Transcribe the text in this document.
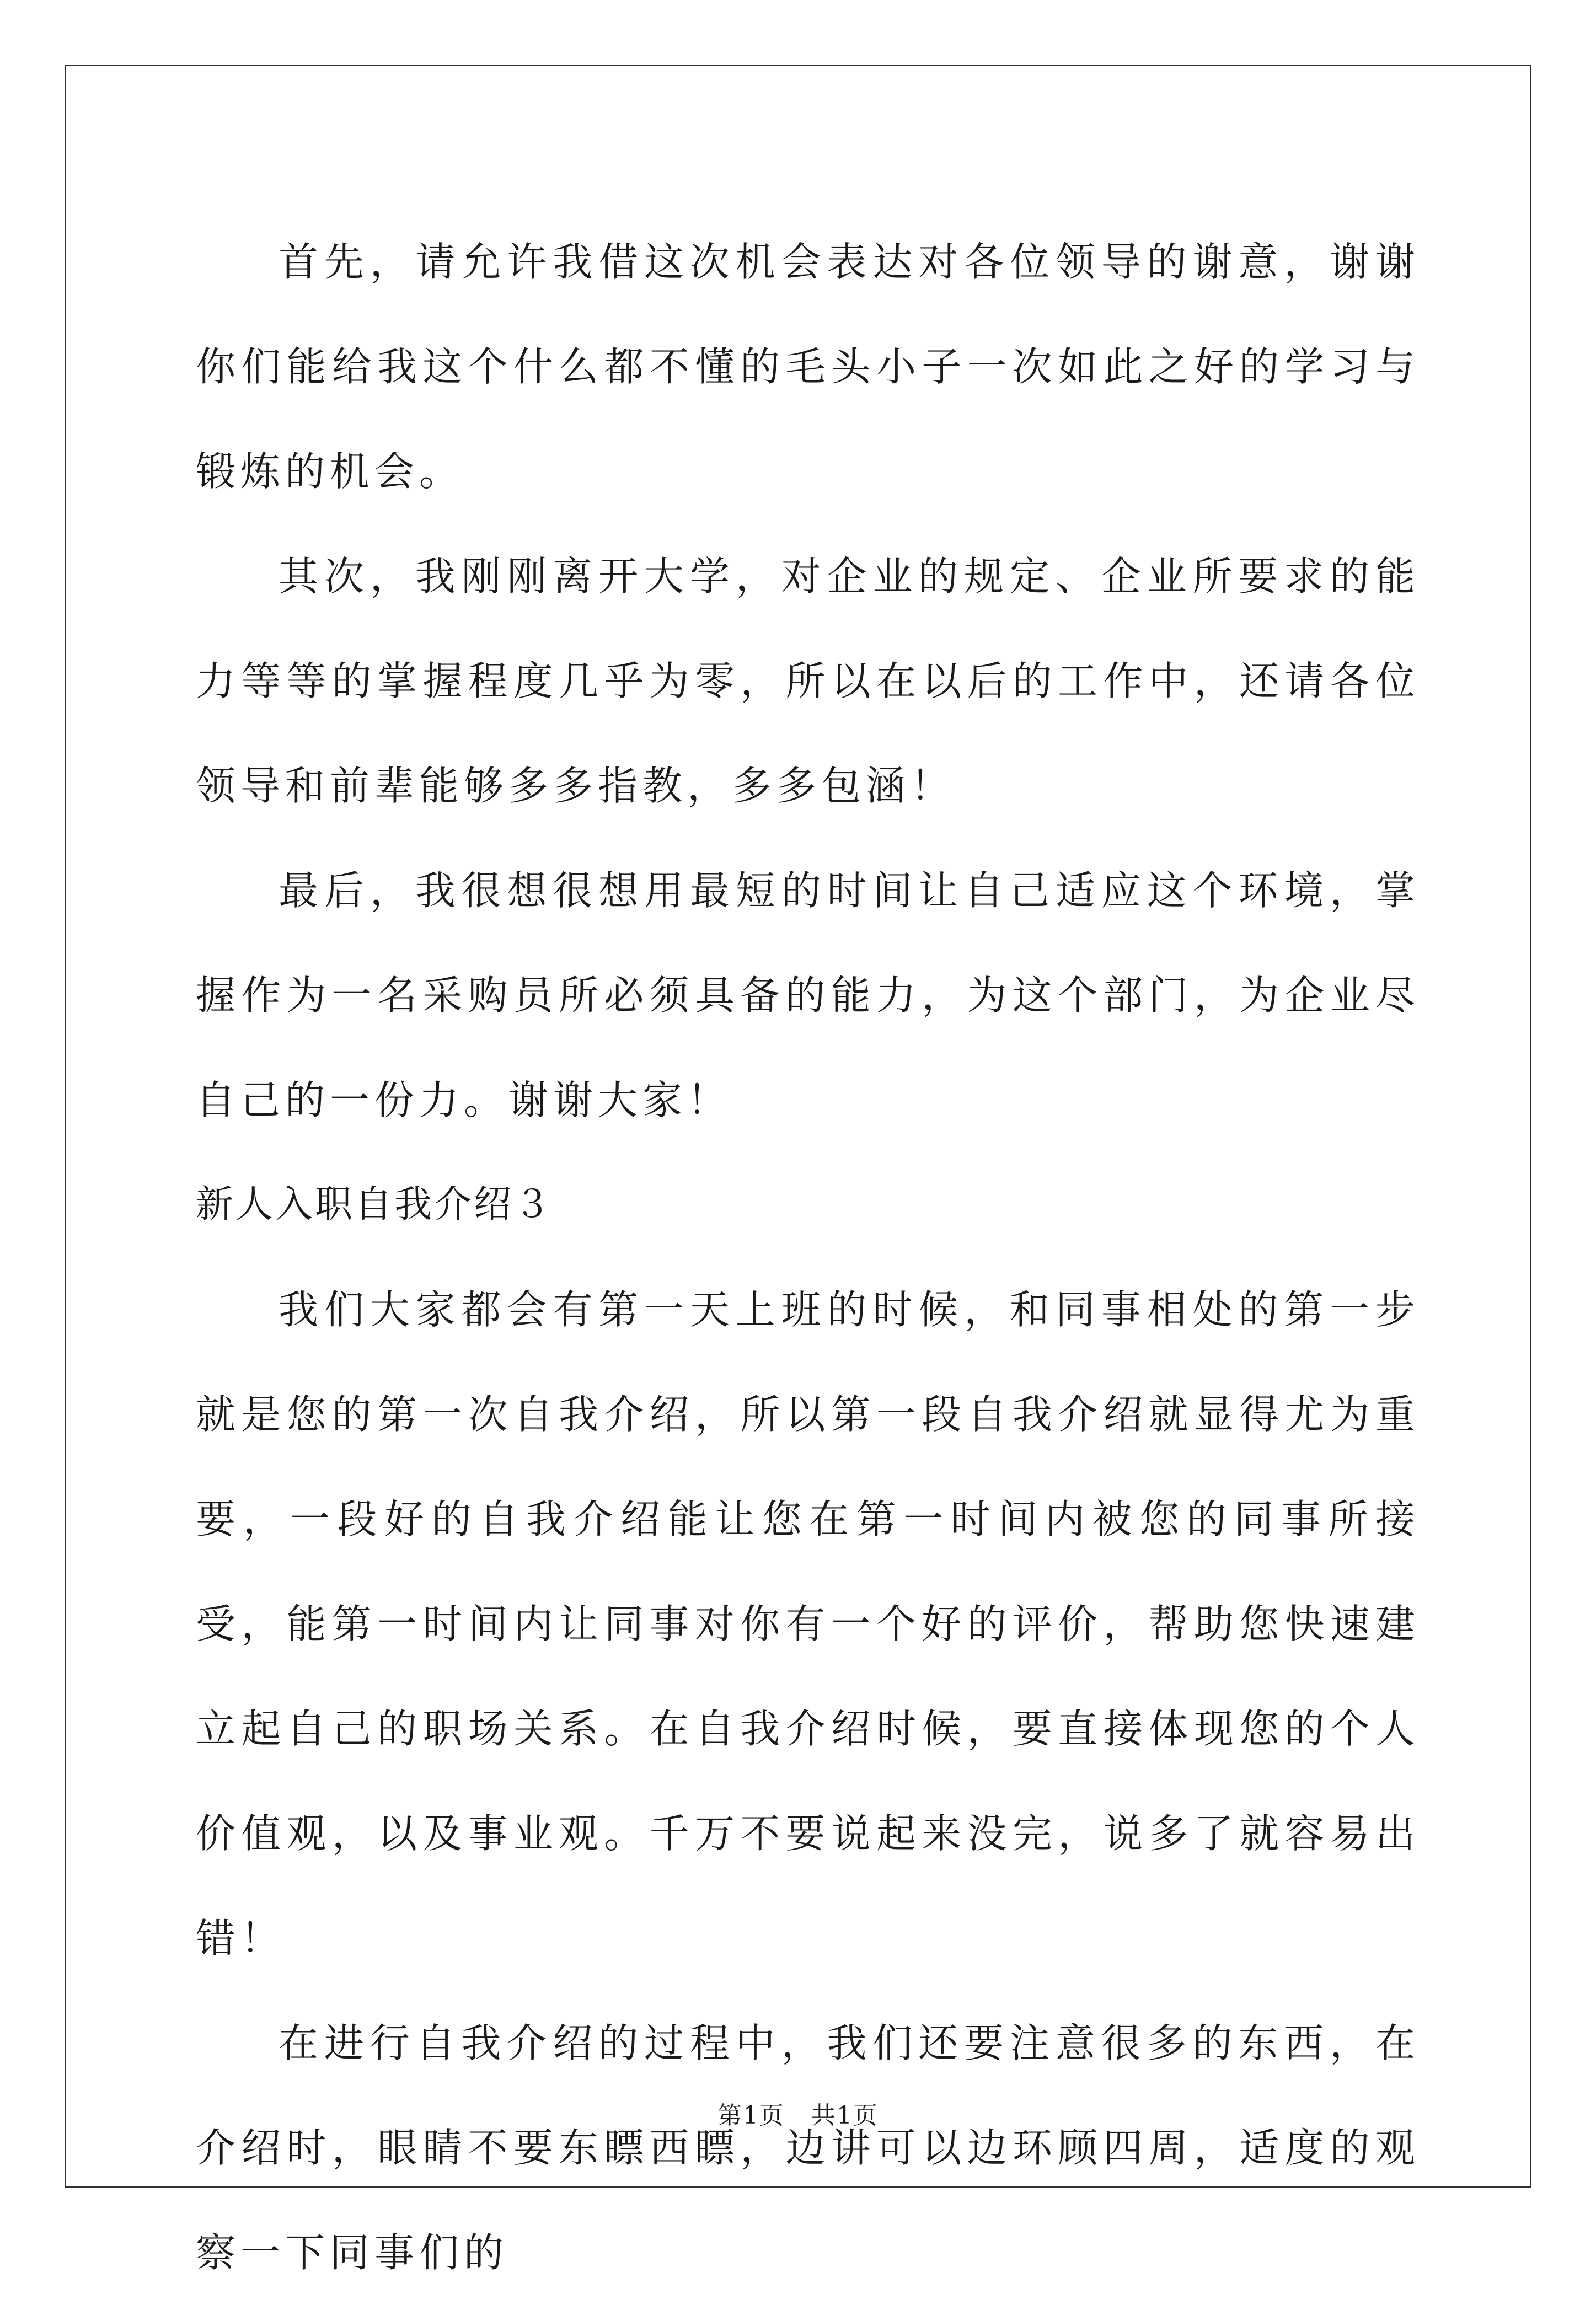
首先，请允许我借这次机会表达对各位领导的谢意，谢谢你们能给我这个什么都不懂的毛头小子一次如此之好的学习与锻炼的机会。

其次，我刚刚离开大学，对企业的规定、企业所要求的能力等等的掌握程度几乎为零，所以在以后的工作中，还请各位领导和前辈能够多多指教，多多包涵！

最后，我很想很想用最短的时间让自己适应这个环境，掌握作为一名采购员所必须具备的能力，为这个部门，为企业尽自己的一份力。谢谢大家！

新人入职自我介绍３

我们大家都会有第一天上班的时候，和同事相处的第一步就是您的第一次自我介绍，所以第一段自我介绍就显得尤为重要，一段好的自我介绍能让您在第一时间内被您的同事所接受，能第一时间内让同事对你有一个好的评价，帮助您快速建立起自己的职场关系。在自我介绍时候，要直接体现您的个人价值观，以及事业观。千万不要说起来没完，说多了就容易出错！

在进行自我介绍的过程中，我们还要注意很多的东西，在介绍时，眼睛不要东瞟西瞟，边讲可以边环顾四周，适度的观察一下同事们的

第1页   共1页
